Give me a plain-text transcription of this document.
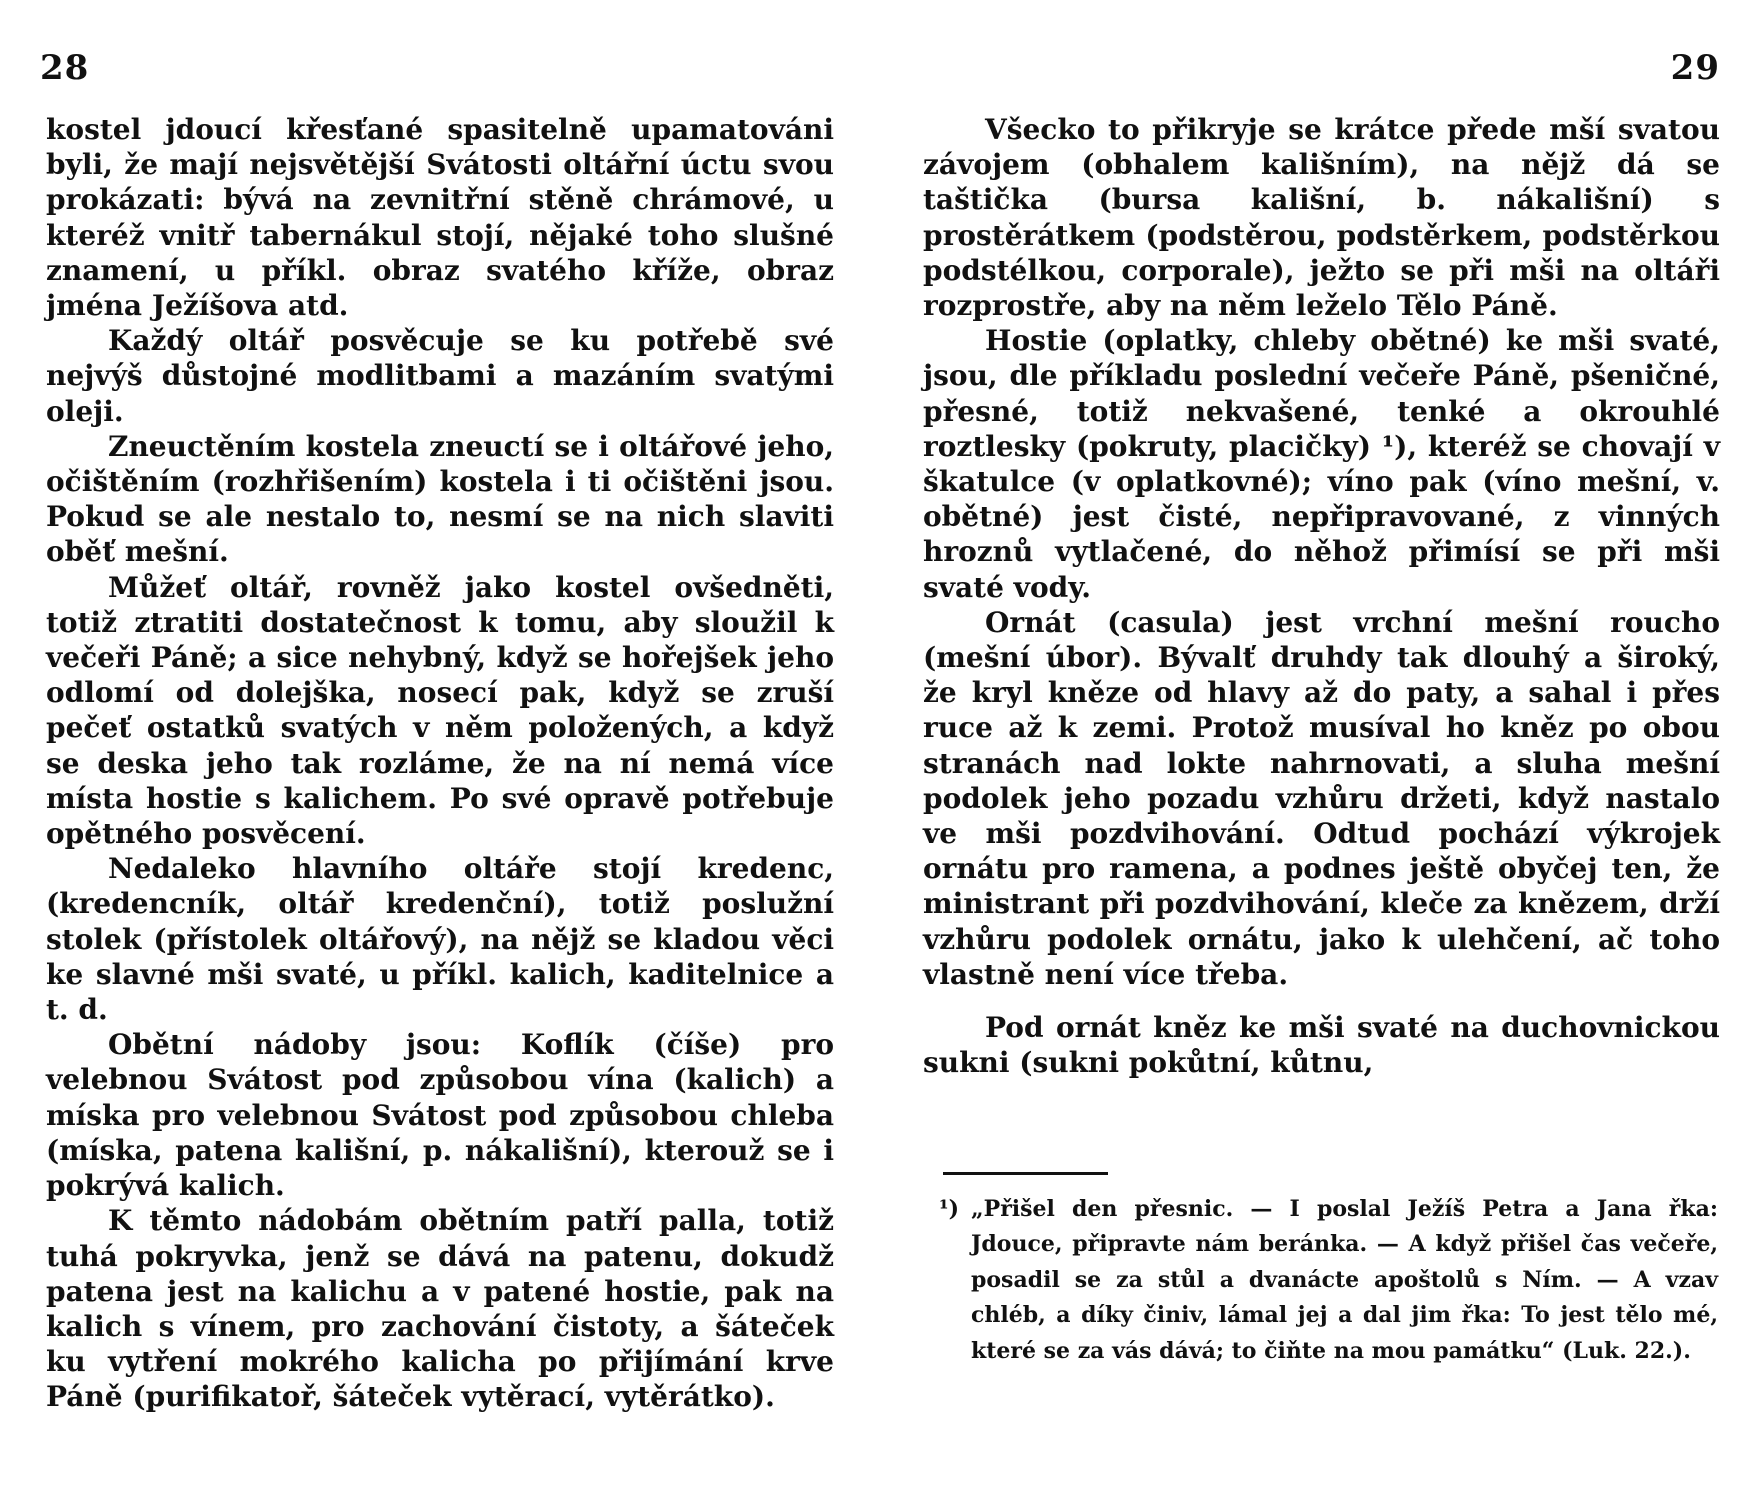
28

kostel jdoucí křesťané spasitelně upamatováni byli, že mají nejsvětější Svátosti oltářní úctu svou prokázati: bývá na zevnitřní stěně chrámové, u kteréž vnitř tabernákul stojí, nějaké toho slušné znamení, u příkl. obraz svatého kříže, obraz jména Ježíšova atd.

Každý oltář posvěcuje se ku potřebě své nejvýš důstojné modlitbami a mazáním svatými oleji.

Zneuctěním kostela zneuctí se i oltářové jeho, očištěním (rozhřišením) kostela i ti očištěni jsou. Pokud se ale nestalo to, nesmí se na nich slaviti oběť mešní.

Můžeť oltář, rovněž jako kostel ovšedněti, totiž ztratiti dostatečnost k tomu, aby sloužil k večeři Páně; a sice nehybný, když se hořejšek jeho odlomí od dolejška, nosecí pak, když se zruší pečeť ostatků svatých v něm položených, a když se deska jeho tak rozláme, že na ní nemá více místa hostie s kalichem. Po své opravě potřebuje opětného posvěcení.

Nedaleko hlavního oltáře stojí kredenc, (kredencník, oltář kredenční), totiž poslužní stolek (přístolek oltářový), na nějž se kladou věci ke slavné mši svaté, u příkl. kalich, kaditelnice a t. d.

Obětní nádoby jsou: Koflík (číše) pro velebnou Svátost pod způsobou vína (kalich) a míska pro velebnou Svátost pod způsobou chleba (míska, patena kališní, p. nákališní), kterouž se i pokrývá kalich.

K těmto nádobám obětním patří palla, totiž tuhá pokryvka, jenž se dává na patenu, dokudž patena jest na kalichu a v patené hostie, pak na kalich s vínem, pro zachování čistoty, a šáteček ku vytření mokrého kalicha po přijímání krve Páně (purifikatoř, šáteček vytěrací, vytěrátko).

29

Všecko to přikryje se krátce přede mší svatou závojem (obhalem kališním), na nějž dá se taštička (bursa kališní, b. nákališní) s prostěrátkem (podstěrou, podstěrkem, podstěrkou podstélkou, corporale), ježto se při mši na oltáři rozprostře, aby na něm leželo Tělo Páně.

Hostie (oplatky, chleby obětné) ke mši svaté, jsou, dle příkladu poslední večeře Páně, pšeničné, přesné, totiž nekvašené, tenké a okrouhlé roztlesky (pokruty, placičky) ¹), kteréž se chovají v škatulce (v oplatkovné); víno pak (víno mešní, v. obětné) jest čisté, nepřipravované, z vinných hroznů vytlačené, do něhož přimísí se při mši svaté vody.

Ornát (casula) jest vrchní mešní roucho (mešní úbor). Bývalť druhdy tak dlouhý a široký, že kryl kněze od hlavy až do paty, a sahal i přes ruce až k zemi. Protož musíval ho kněz po obou stranách nad lokte nahrnovati, a sluha mešní podolek jeho pozadu vzhůru držeti, když nastalo ve mši pozdvihování. Odtud pochází výkrojek ornátu pro ramena, a podnes ještě obyčej ten, že ministrant při pozdvihování, kleče za knězem, drží vzhůru podolek ornátu, jako k ulehčení, ač toho vlastně není více třeba.

Pod ornát kněz ke mši svaté na duchovnickou sukni (sukni pokůtní, kůtnu,

¹) „Přišel den přesnic. — I poslal Ježíš Petra a Jana řka: Jdouce, připravte nám beránka. — A když přišel čas večeře, posadil se za stůl a dvanácte apoštolů s Ním. — A vzav chléb, a díky činiv, lámal jej a dal jim řka: To jest tělo mé, které se za vás dává; to čiňte na mou památku“ (Luk. 22.).
